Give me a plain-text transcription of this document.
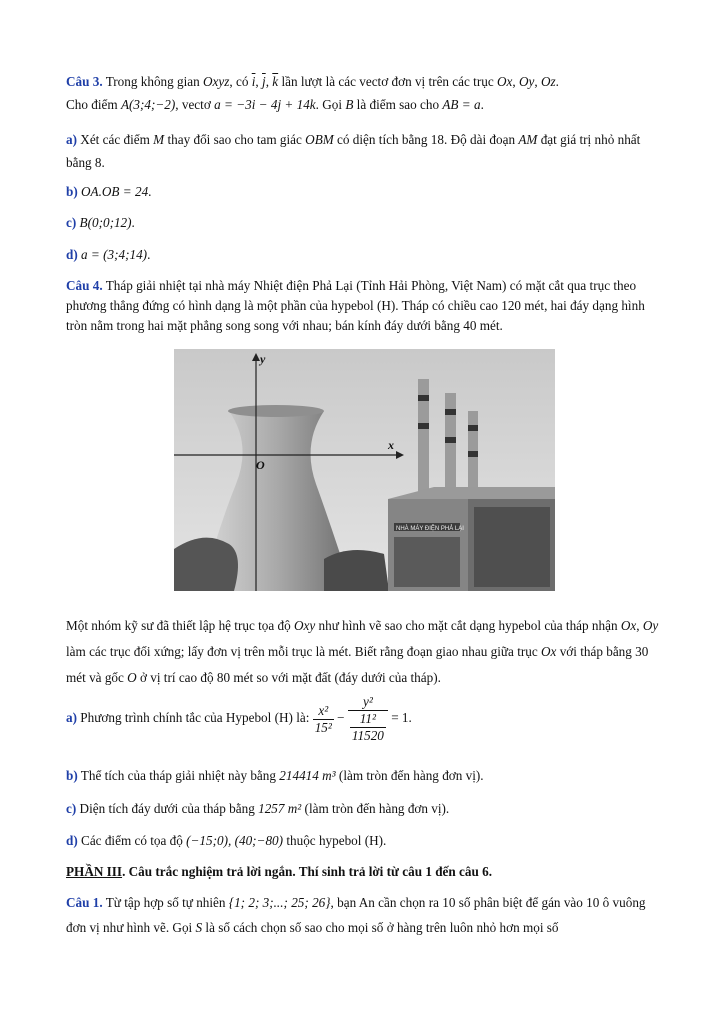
Câu 3. Trong không gian Oxyz, có $\overline{i}$, $\overline{j}$, $\overline{k}$ lần lượt là các vectơ đơn vị trên các trục Ox, Oy, Oz.
Cho điểm A(3;4;−2), vectơ a = −3i − 4j + 14k. Gọi B là điểm sao cho AB = a.
a) Xét các điểm M thay đổi sao cho tam giác OBM có diện tích bằng 18. Độ dài đoạn AM đạt giá trị nhỏ nhất bằng 8.
b) OA.OB = 24.
c) B(0;0;12).
d) a = (3;4;14).
Câu 4. Tháp giải nhiệt tại nhà máy Nhiệt điện Phả Lại (Tỉnh Hải Phòng, Việt Nam) có mặt cắt qua trục theo phương thẳng đứng có hình dạng là một phần của hypebol (H). Tháp có chiều cao 120 mét, hai đáy dạng hình tròn nằm trong hai mặt phẳng song song với nhau; bán kính đáy dưới bằng 40 mét.
NHÀ MÁY ĐIỆN PHẢ LẠI
y
x
O
Một nhóm kỹ sư đã thiết lập hệ trục tọa độ Oxy như hình vẽ sao cho mặt cắt dạng hypebol của tháp nhận Ox, Oy làm các trục đối xứng; lấy đơn vị trên mỗi trục là mét. Biết rằng đoạn giao nhau giữa trục Ox với tháp bằng 30 mét và gốc O ở vị trí cao độ 80 mét so với mặt đất (đáy dưới của tháp).
a) Phương trình chính tắc của Hypebol (H) là: $\frac{\text{x²}}{\text{15²}} - \frac{\text{y²}}{\frac{\text{11²}}{11520}} = 1$.
b) Thể tích của tháp giải nhiệt này bằng 214414 m³ (làm tròn đến hàng đơn vị).
c) Diện tích đáy dưới của tháp bằng 1257 m² (làm tròn đến hàng đơn vị).
d) Các điểm có tọa độ (−15;0), (40;−80) thuộc hypebol (H).
PHẦN III. Câu trắc nghiệm trả lời ngắn. Thí sinh trả lời từ câu 1 đến câu 6.
Câu 1. Từ tập hợp số tự nhiên {1; 2; 3;...; 25; 26}, bạn An cần chọn ra 10 số phân biệt để gán vào 10 ô vuông đơn vị như hình vẽ. Gọi S là số cách chọn số sao cho mọi số ở hàng trên luôn nhỏ hơn mọi số
